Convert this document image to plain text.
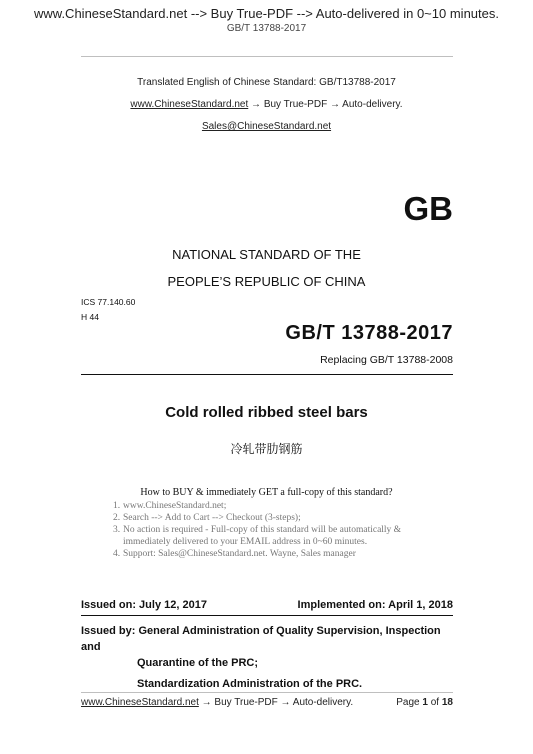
www.ChineseStandard.net --> Buy True-PDF --> Auto-delivered in 0~10 minutes.
GB/T 13788-2017
Translated English of Chinese Standard: GB/T13788-2017
www.ChineseStandard.net → Buy True-PDF → Auto-delivery.
Sales@ChineseStandard.net
GB
NATIONAL STANDARD OF THE
PEOPLE’S REPUBLIC OF CHINA
ICS 77.140.60
H 44
GB/T 13788-2017
Replacing GB/T 13788-2008
Cold rolled ribbed steel bars
冷轧带肋钢筋
How to BUY & immediately GET a full-copy of this standard?
1. www.ChineseStandard.net;
2. Search --> Add to Cart --> Checkout (3-steps);
3. No action is required - Full-copy of this standard will be automatically & immediately delivered to your EMAIL address in 0~60 minutes.
4. Support: Sales@ChineseStandard.net. Wayne, Sales manager
Issued on: July 12, 2017	Implemented on: April 1, 2018
Issued by: General Administration of Quality Supervision, Inspection and
Quarantine of the PRC;
Standardization Administration of the PRC.
www.ChineseStandard.net → Buy True-PDF → Auto-delivery.	Page 1 of 18
